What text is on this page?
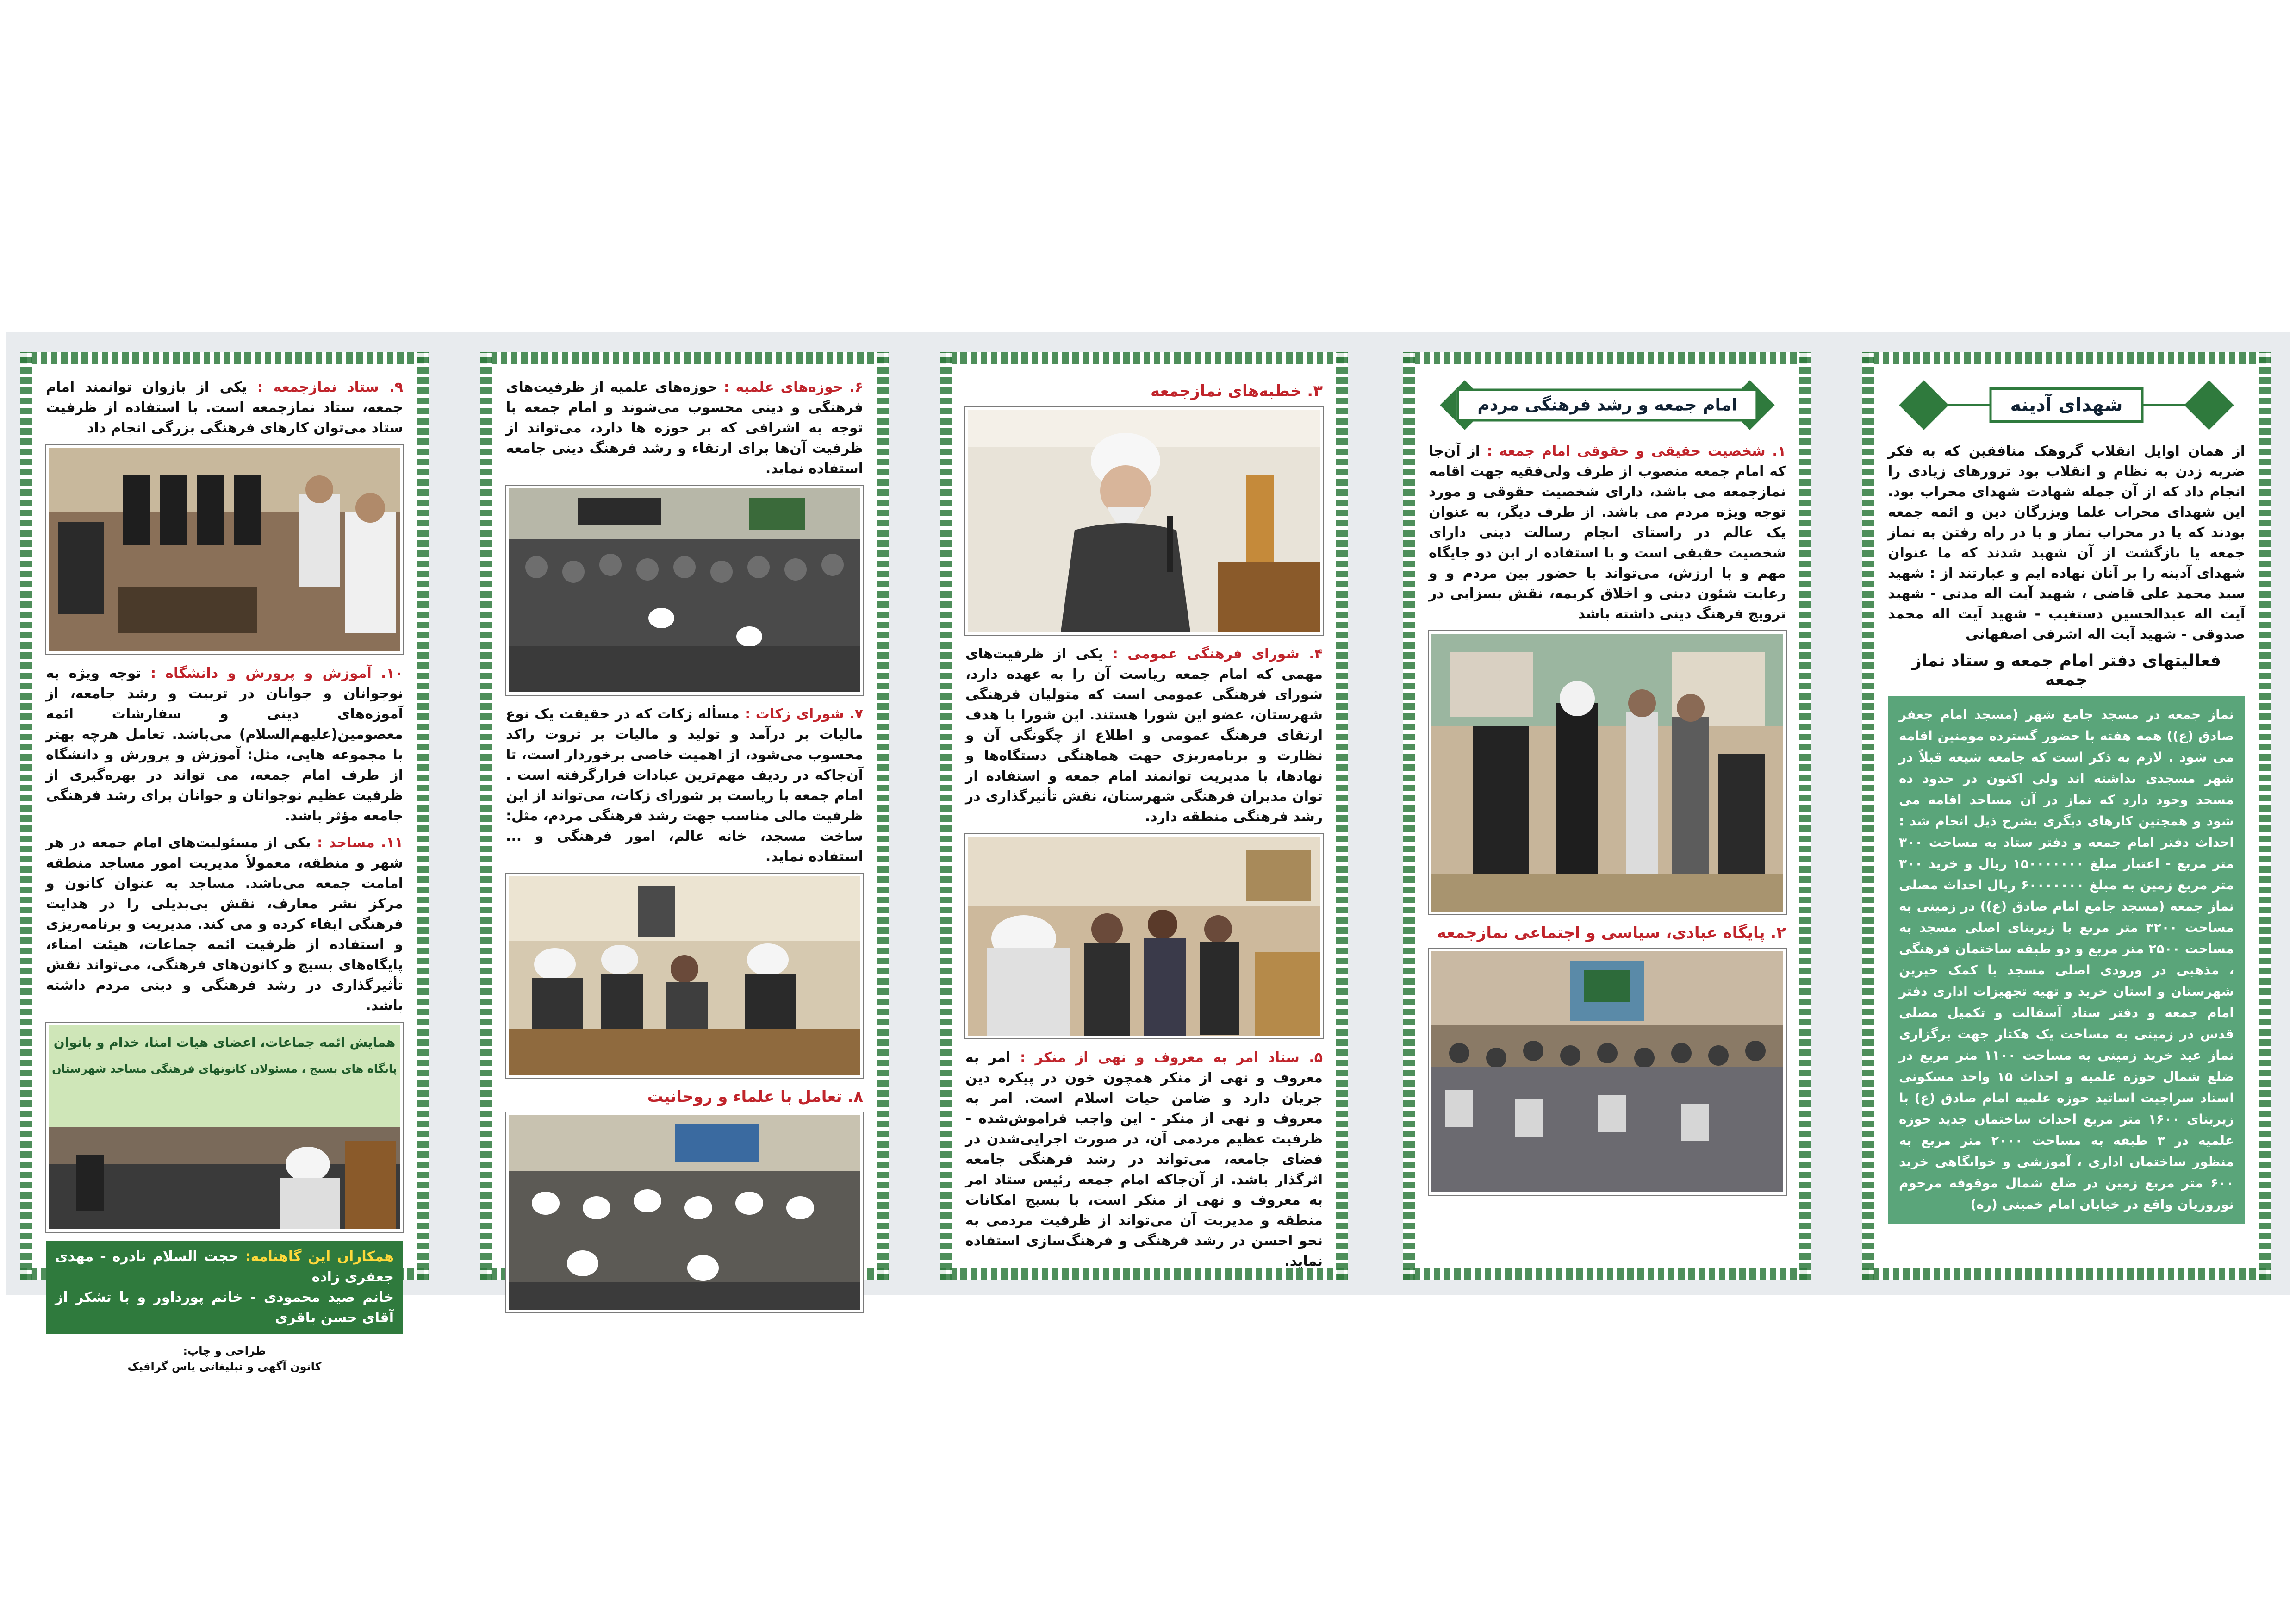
شهدای آدینه

از همان اوایل انقلاب گروهک منافقین که به فکر ضربه زدن به نظام و انقلاب بود ترورهای زیادی را انجام داد که از آن جمله شهادت شهدای محراب بود. این شهدای محراب علما وبزرگان دین و ائمه جمعه بودند که یا در محراب نماز و یا در راه رفتن به نماز جمعه یا بازگشت از آن شهید شدند که ما عنوان شهدای آدینه را بر آنان نهاده ایم و عبارتند از : شهید سید محمد علی قاضی ، شهید آیت اله مدنی - شهید آیت اله عبدالحسین دستغیب - شهید آیت اله محمد صدوقی - شهید آیت اله اشرفی اصفهانی

فعالیتهای دفتر امام جمعه و ستاد نماز جمعه
نماز جمعه در مسجد جامع شهر (مسجد امام جعفر صادق (ع)) همه هفته با حضور گسترده مومنین اقامه می شود . لازم به ذکر است که جامعه شیعه قبلاً در شهر مسجدی نداشته اند ولی اکنون در حدود ده مسجد وجود دارد که نماز در آن مساجد اقامه می شود و همچنین کارهای دیگری بشرح ذیل انجام شد : احداث دفتر امام جمعه و دفتر ستاد به مساحت ۳۰۰ متر مربع - اعتبار مبلغ ۱۵۰۰۰۰۰۰۰ ریال و خرید ۳۰۰ متر مربع زمین به مبلغ ۶۰۰۰۰۰۰۰ ریال احداث مصلی نماز جمعه (مسجد جامع امام صادق (ع)) در زمینی به مساحت ۳۲۰۰ متر مربع با زیربنای اصلی مسجد به مساحت ۲۵۰۰ متر مربع و دو طبقه ساختمان فرهنگی ، مذهبی در ورودی اصلی مسجد با کمک خیرین شهرستان و استان خرید و تهیه تجهیزات اداری دفتر امام جمعه و دفتر ستاد آسفالت و تکمیل مصلی قدس در زمینی به مساحت یک هکتار جهت برگزاری نماز عید خرید زمینی به مساحت ۱۱۰۰ متر مربع در ضلع شمال حوزه علمیه و احداث ۱۵ واحد مسکونی استاد سراجیت اساتید حوزه علمیه امام صادق (ع) با زیربنای ۱۶۰۰ متر مربع احداث ساختمان جدید حوزه علمیه در ۳ طبقه به مساحت ۲۰۰۰ متر مربع به منظور ساختمان اداری ، آموزشی و خوابگاهی خرید ۶۰۰ متر مربع زمین در ضلع شمال موقوفه مرحوم نوروزیان واقع در خیابان امام خمینی (ره)
امام جمعه و رشد فرهنگی مردم

۱. شخصیت حقیقی و حقوقی امام جمعه : از آن‌جا که امام جمعه منصوب از طرف ولی‌فقیه جهت اقامه نمازجمعه می باشد، دارای شخصیت حقوقی و مورد توجه ویژه مردم می باشد. از طرف دیگر، به عنوان یک عالم در راستای انجام رسالت دینی دارای شخصیت حقیقی است و با استفاده از این دو جایگاه مهم و با ارزش، می‌تواند با حضور بین مردم و و رعایت شئون دینی و اخلاق کریمه، نقش بسزایی در ترویج فرهنگ دینی داشته باشد

۲. پایگاه عبادی، سیاسی و اجتماعی نمازجمعه
۳. خطبه‌های نمازجمعه

۴. شورای فرهنگی عمومی : یکی از ظرفیت‌های مهمی که امام جمعه ریاست آن را به عهده دارد، شورای فرهنگی عمومی است که متولیان فرهنگی شهرستان، عضو این شورا هستند. این شورا با هدف ارتقای فرهنگ عمومی و اطلاع از چگونگی آن و نظارت و برنامه‌ریزی جهت هماهنگی دستگاه‌ها و نهادها، با مدیریت توانمند امام جمعه و استفاده از توان مدیران فرهنگی شهرستان، نقش تأثیرگذاری در رشد فرهنگی منطقه دارد.

۵. ستاد امر به معروف و نهی از منکر : امر به معروف و نهی از منکر همچون خون در پیکره دین جریان دارد و ضامن حیات اسلام است. امر به معروف و نهی از منکر - این واجب فراموش‌شده - ظرفیت عظیم مردمی آن، در صورت اجرایی‌شدن در فضای جامعه، می‌تواند در رشد فرهنگی جامعه اثرگذار باشد. از آن‌جاکه امام جمعه رئیس ستاد امر به معروف و نهی از منکر است، با بسیج امکانات منطقه و مدیریت آن می‌تواند از ظرفیت مردمی به نحو احسن در رشد فرهنگی و فرهنگ‌سازی استفاده نماید.

۶. حوزه‌های علمیه : حوزه‌های علمیه از ظرفیت‌های فرهنگی و دینی محسوب می‌شوند و امام جمعه با توجه به اشرافی که بر حوزه ها دارد، می‌تواند از ظرفیت آن‌ها برای ارتقاء و رشد فرهنگ دینی جامعه استفاده نماید.

۷. شورای زکات : مسأله زکات که در حقیقت یک نوع مالیات بر درآمد و تولید و مالیات بر ثروت راکد محسوب می‌شود، از اهمیت خاصی برخوردار است، تا آن‌جاکه در ردیف مهم‌ترین عبادات قرارگرفته است . امام جمعه با ریاست بر شورای زکات، می‌تواند از این ظرفیت مالی مناسب جهت رشد فرهنگی مردم، مثل: ساخت مسجد، خانه عالم، امور فرهنگی و ... استفاده نماید.

۸. تعامل با علماء و روحانیت

۹. ستاد نمازجمعه : یکی از بازوان توانمند امام جمعه، ستاد نمازجمعه است. با استفاده از ظرفیت ستاد می‌توان کارهای فرهنگی بزرگی انجام داد

۱۰. آموزش و پرورش و دانشگاه : توجه ویژه به نوجوانان و جوانان در تربیت و رشد جامعه، از آموزه‌های دینی و سفارشات ائمه معصومین(علیهم‌السلام) می‌باشد. تعامل هرچه بهتر با مجموعه هایی، مثل: آموزش و پرورش و دانشگاه از طرف امام جمعه، می تواند در بهره‌گیری از ظرفیت عظیم نوجوانان و جوانان برای رشد فرهنگی جامعه مؤثر باشد.

۱۱. مساجد : یکی از مسئولیت‌های امام جمعه در هر شهر و منطقه، معمولاً مدیریت امور مساجد منطقه امامت جمعه می‌باشد. مساجد به عنوان کانون و مرکز نشر معارف، نقش بی‌بدیلی را در هدایت فرهنگی ایفاء کرده و می کند. مدیریت و برنامه‌ریزی و استفاده از ظرفیت ائمه جماعات، هیئت امناء، پایگاه‌های بسیج و کانون‌های فرهنگی، می‌تواند نقش تأثیرگذاری در رشد فرهنگی و دینی مردم داشته باشد.

همایش ائمه جماعات، اعضای هیات امنا، خدام و بانوان
پایگاه های بسیج ، مسئولان کانونهای فرهنگی مساجد شهرستان
همکاران این گاهنامه: حجت السلام نادره - مهدی جعفری زاده
خانم صید محمودی - خانم پورداور و با تشکر از آقای حسن باقری
طراحی و چاپ:
کانون آگهی و تبلیغاتی یاس گرافیک
